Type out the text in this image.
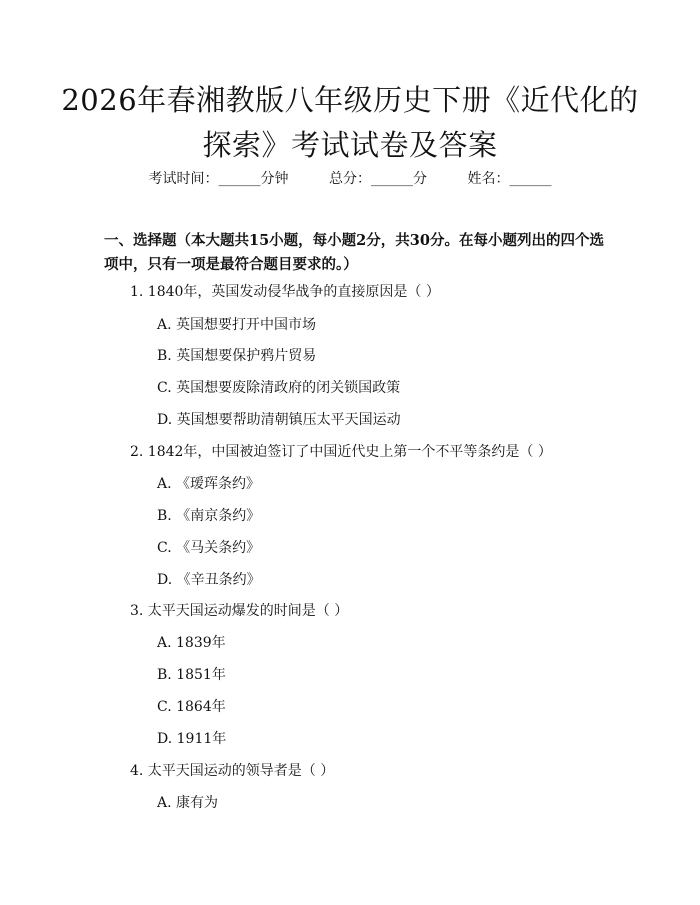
2026年春湘教版八年级历史下册《近代化的
探索》考试试卷及答案
考试时间：______分钟	总分：______分	姓名：______
一、选择题（本大题共15小题，每小题2分，共30分。在每小题列出的四个选项中，只有一项是最符合题目要求的。）
1. 1840年，英国发动侵华战争的直接原因是（ ）
A. 英国想要打开中国市场
B. 英国想要保护鸦片贸易
C. 英国想要废除清政府的闭关锁国政策
D. 英国想要帮助清朝镇压太平天国运动
2. 1842年，中国被迫签订了中国近代史上第一个不平等条约是（ ）
A. 《瑷珲条约》
B. 《南京条约》
C. 《马关条约》
D. 《辛丑条约》
3. 太平天国运动爆发的时间是（ ）
A. 1839年
B. 1851年
C. 1864年
D. 1911年
4. 太平天国运动的领导者是（ ）
A. 康有为
